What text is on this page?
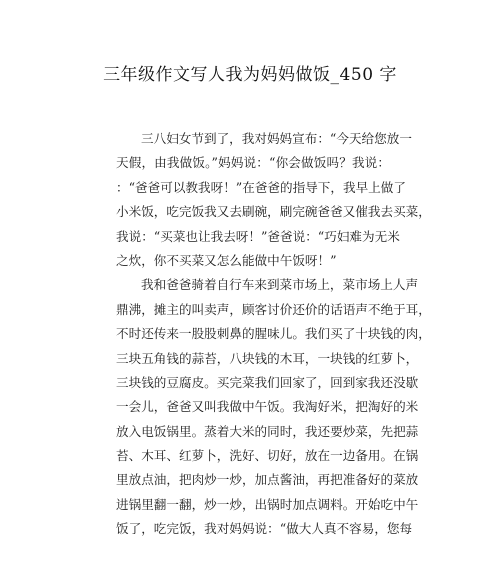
三年级作文写人我为妈妈做饭_450 字
三八妇女节到了，我对妈妈宣布：“今天给您放一
天假，由我做饭。”妈妈说：“你会做饭吗？我说：
：“爸爸可以教我呀！”在爸爸的指导下，我早上做了
小米饭，吃完饭我又去刷碗，刷完碗爸爸又催我去买菜，
我说：“买菜也让我去呀！”爸爸说：“巧妇难为无米
之炊，你不买菜又怎么能做中午饭呀！”
我和爸爸骑着自行车来到菜市场上，菜市场上人声
鼎沸，摊主的叫卖声，顾客讨价还价的话语声不绝于耳，
不时还传来一股股刺鼻的腥味儿。我们买了十块钱的肉，
三块五角钱的蒜苔，八块钱的木耳，一块钱的红萝卜，
三块钱的豆腐皮。买完菜我们回家了，回到家我还没歇
一会儿，爸爸又叫我做中午饭。我淘好米，把淘好的米
放入电饭锅里。蒸着大米的同时，我还要炒菜，先把蒜
苔、木耳、红萝卜，洗好、切好，放在一边备用。在锅
里放点油，把肉炒一炒，加点酱油，再把准备好的菜放
进锅里翻一翻，炒一炒，出锅时加点调料。开始吃中午
饭了，吃完饭，我对妈妈说：“做大人真不容易，您每
